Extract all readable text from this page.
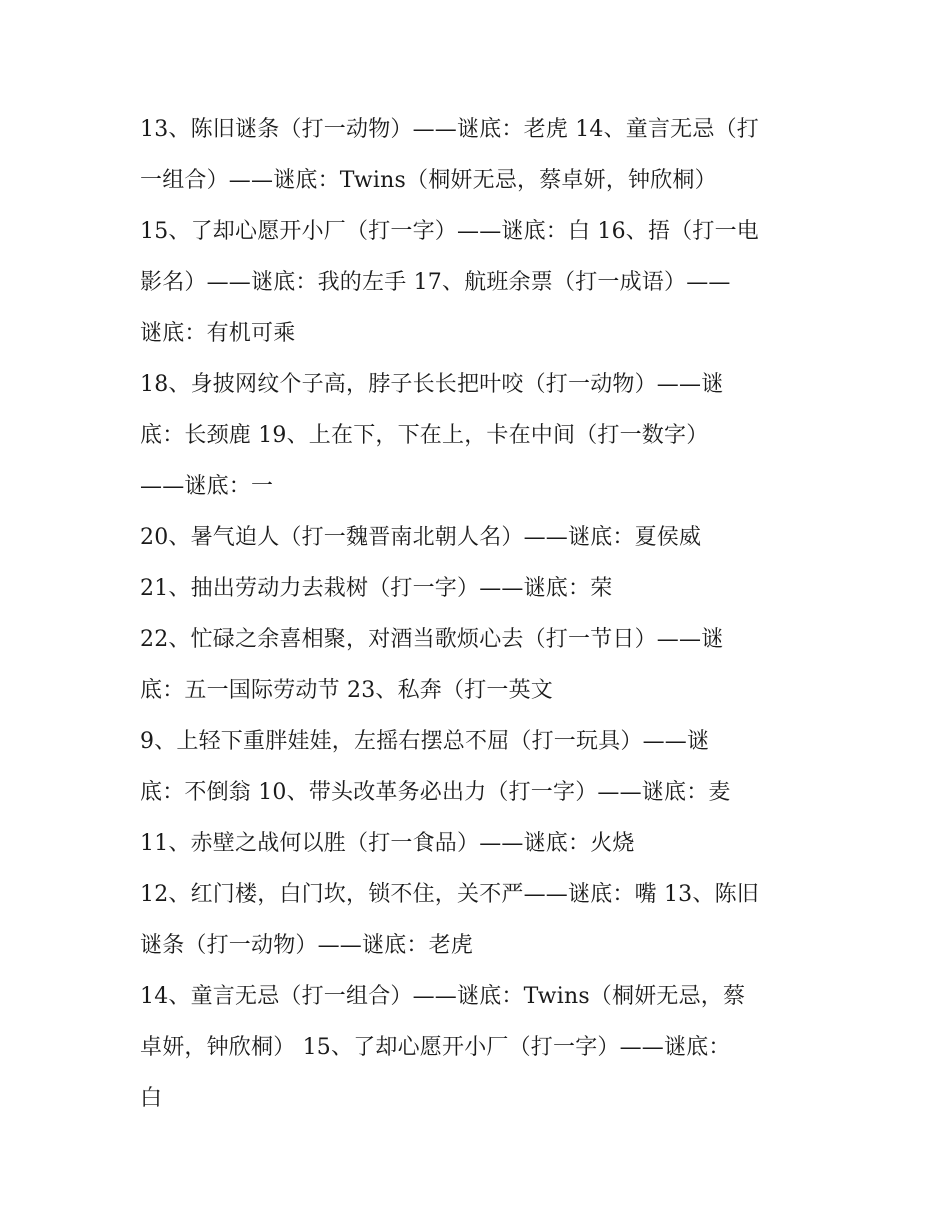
13、陈旧谜条（打一动物）——谜底：老虎 14、童言无忌（打
一组合）——谜底：Twins（桐妍无忌，蔡卓妍，钟欣桐）
15、了却心愿开小厂（打一字）——谜底：白 16、捂（打一电
影名）——谜底：我的左手 17、航班余票（打一成语）——
谜底：有机可乘
18、身披网纹个子高，脖子长长把叶咬（打一动物）——谜
底：长颈鹿 19、上在下，下在上，卡在中间（打一数字）
——谜底：一
20、暑气迫人（打一魏晋南北朝人名）——谜底：夏侯威
21、抽出劳动力去栽树（打一字）——谜底：荣
22、忙碌之余喜相聚，对酒当歌烦心去（打一节日）——谜
底：五一国际劳动节 23、私奔（打一英文
9、上轻下重胖娃娃，左摇右摆总不屈（打一玩具）——谜
底：不倒翁 10、带头改革务必出力（打一字）——谜底：麦
11、赤壁之战何以胜（打一食品）——谜底：火烧
12、红门楼，白门坎，锁不住，关不严——谜底：嘴 13、陈旧
谜条（打一动物）——谜底：老虎
14、童言无忌（打一组合）——谜底：Twins（桐妍无忌，蔡
卓妍，钟欣桐） 15、了却心愿开小厂（打一字）——谜底：
白
